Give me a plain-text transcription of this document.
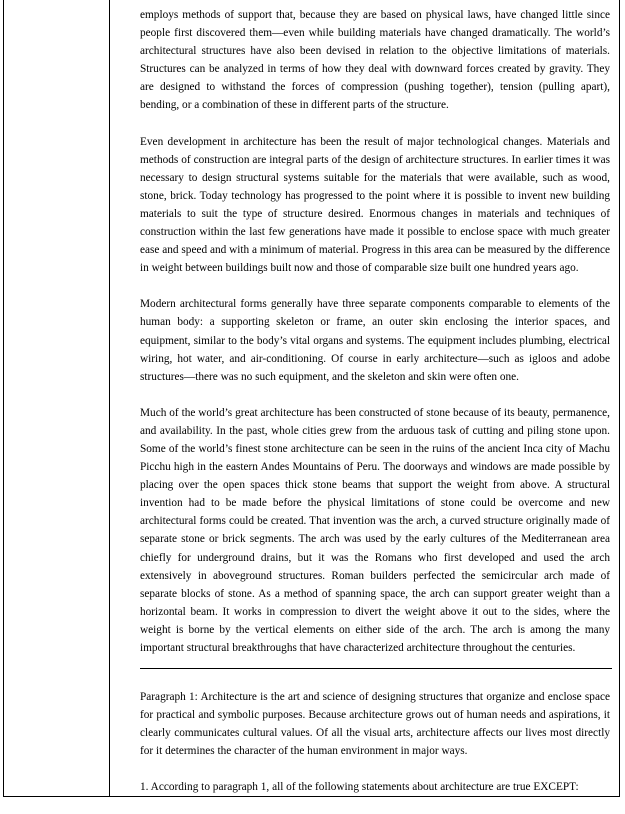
employs methods of support that, because they are based on physical laws, have changed little since people first discovered them—even while building materials have changed dramatically. The world’s architectural structures have also been devised in relation to the objective limitations of materials. Structures can be analyzed in terms of how they deal with downward forces created by gravity. They are designed to withstand the forces of compression (pushing together), tension (pulling apart), bending, or a combination of these in different parts of the structure.

Even development in architecture has been the result of major technological changes. Materials and methods of construction are integral parts of the design of architecture structures. In earlier times it was necessary to design structural systems suitable for the materials that were available, such as wood, stone, brick. Today technology has progressed to the point where it is possible to invent new building materials to suit the type of structure desired. Enormous changes in materials and techniques of construction within the last few generations have made it possible to enclose space with much greater ease and speed and with a minimum of material. Progress in this area can be measured by the difference in weight between buildings built now and those of comparable size built one hundred years ago.

Modern architectural forms generally have three separate components comparable to elements of the human body: a supporting skeleton or frame, an outer skin enclosing the interior spaces, and equipment, similar to the body’s vital organs and systems. The equipment includes plumbing, electrical wiring, hot water, and air-conditioning. Of course in early architecture—such as igloos and adobe structures—there was no such equipment, and the skeleton and skin were often one.

Much of the world’s great architecture has been constructed of stone because of its beauty, permanence, and availability. In the past, whole cities grew from the arduous task of cutting and piling stone upon. Some of the world’s finest stone architecture can be seen in the ruins of the ancient Inca city of Machu Picchu high in the eastern Andes Mountains of Peru. The doorways and windows are made possible by placing over the open spaces thick stone beams that support the weight from above. A structural invention had to be made before the physical limitations of stone could be overcome and new architectural forms could be created. That invention was the arch, a curved structure originally made of separate stone or brick segments. The arch was used by the early cultures of the Mediterranean area chiefly for underground drains, but it was the Romans who first developed and used the arch extensively in aboveground structures. Roman builders perfected the semicircular arch made of separate blocks of stone. As a method of spanning space, the arch can support greater weight than a horizontal beam. It works in compression to divert the weight above it out to the sides, where the weight is borne by the vertical elements on either side of the arch. The arch is among the many important structural breakthroughs that have characterized architecture throughout the centuries.

Paragraph 1: Architecture is the art and science of designing structures that organize and enclose space for practical and symbolic purposes. Because architecture grows out of human needs and aspirations, it clearly communicates cultural values. Of all the visual arts, architecture affects our lives most directly for it determines the character of the human environment in major ways.

1. According to paragraph 1, all of the following statements about architecture are true EXCEPT:
